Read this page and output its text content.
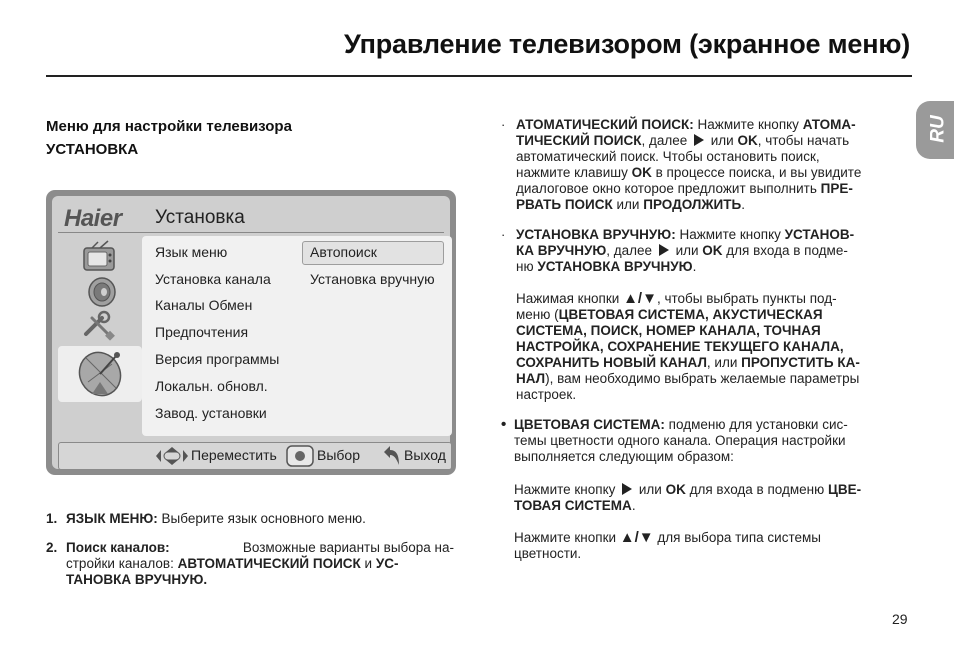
Управление телевизором (экранное меню)
RU
Меню для настройки телевизора
УСТАНОВКА
Haier Установка
Язык меню
Установка канала
Каналы Обмен
Предпочтения
Версия программы
Локальн. обновл.
Завод. установки
Автопоиск
Установка вручную
Переместить	Выбор	Выход
1. ЯЗЫК МЕНЮ: Выберите язык основного меню.
2. Поиск каналов:	Возможные варианты выбора на-
стройки каналов: АВТОМАТИЧЕСКИЙ ПОИСК и УС-
ТАНОВКА ВРУЧНУЮ.
· АТОМАТИЧЕСКИЙ ПОИСК: Нажмите кнопку АТОМА-
ТИЧЕСКИЙ ПОИСК, далее  или OK, чтобы начать
автоматический поиск. Чтобы остановить поиск,
нажмите клавишу OK в процессе поиска, и вы увидите
диалоговое окно которое предложит выполнить ПРЕ-
РВАТЬ ПОИСК или ПРОДОЛЖИТЬ.
· УСТАНОВКА ВРУЧНУЮ: Нажмите кнопку УСТАНОВ-
КА ВРУЧНУЮ, далее  или OK для входа в подме-
ню УСТАНОВКА ВРУЧНУЮ.
Нажимая кнопки ▲/▼, чтобы выбрать пункты под-
меню (ЦВЕТОВАЯ СИСТЕМА, АКУСТИЧЕСКАЯ
СИСТЕМА, ПОИСК, НОМЕР КАНАЛА, ТОЧНАЯ
НАСТРОЙКА, СОХРАНЕНИЕ ТЕКУЩЕГО КАНАЛА,
СОХРАНИТЬ НОВЫЙ КАНАЛ, или ПРОПУСТИТЬ КА-
НАЛ), вам необходимо выбрать желаемые параметры
настроек.
• ЦВЕТОВАЯ СИСТЕМА: подменю для установки сис-
темы цветности одного канала. Операция настройки
выполняется следующим образом:
Нажмите кнопку  или OK для входа в подменю ЦВЕ-
ТОВАЯ СИСТЕМА.
Нажмите кнопки ▲/▼ для выбора типа системы
цветности.
29
